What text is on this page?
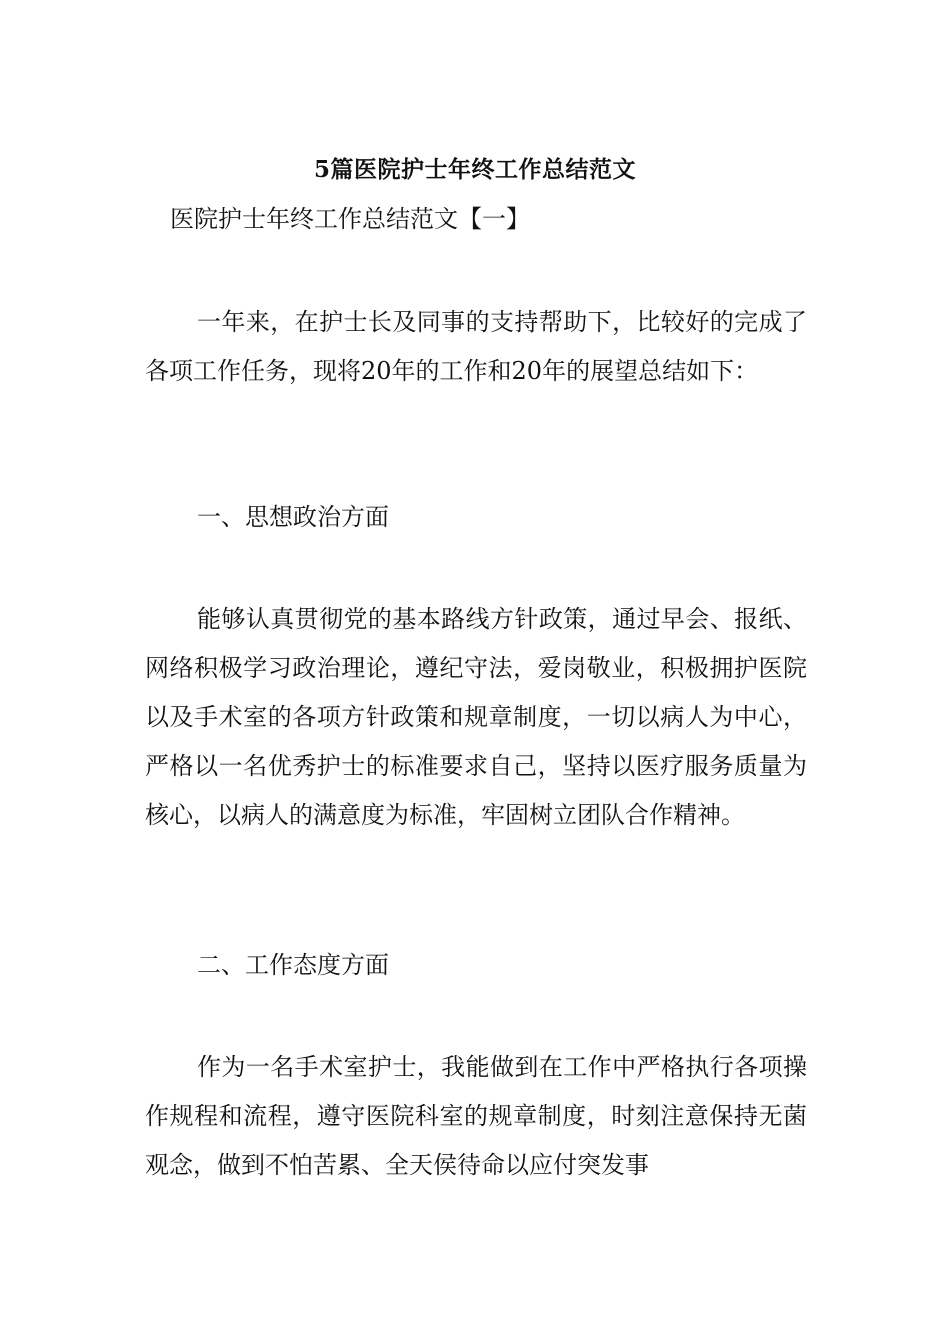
5篇医院护士年终工作总结范文
医院护士年终工作总结范文【一】

一年来，在护士长及同事的支持帮助下，比较好的完成了各项工作任务，现将20年的工作和20年的展望总结如下：

一、思想政治方面

能够认真贯彻党的基本路线方针政策，通过早会、报纸、网络积极学习政治理论，遵纪守法，爱岗敬业，积极拥护医院以及手术室的各项方针政策和规章制度，一切以病人为中心，严格以一名优秀护士的标准要求自己，坚持以医疗服务质量为核心，以病人的满意度为标准，牢固树立团队合作精神。

二、工作态度方面

作为一名手术室护士，我能做到在工作中严格执行各项操作规程和流程，遵守医院科室的规章制度，时刻注意保持无菌观念，做到不怕苦累、全天侯待命以应付突发事
